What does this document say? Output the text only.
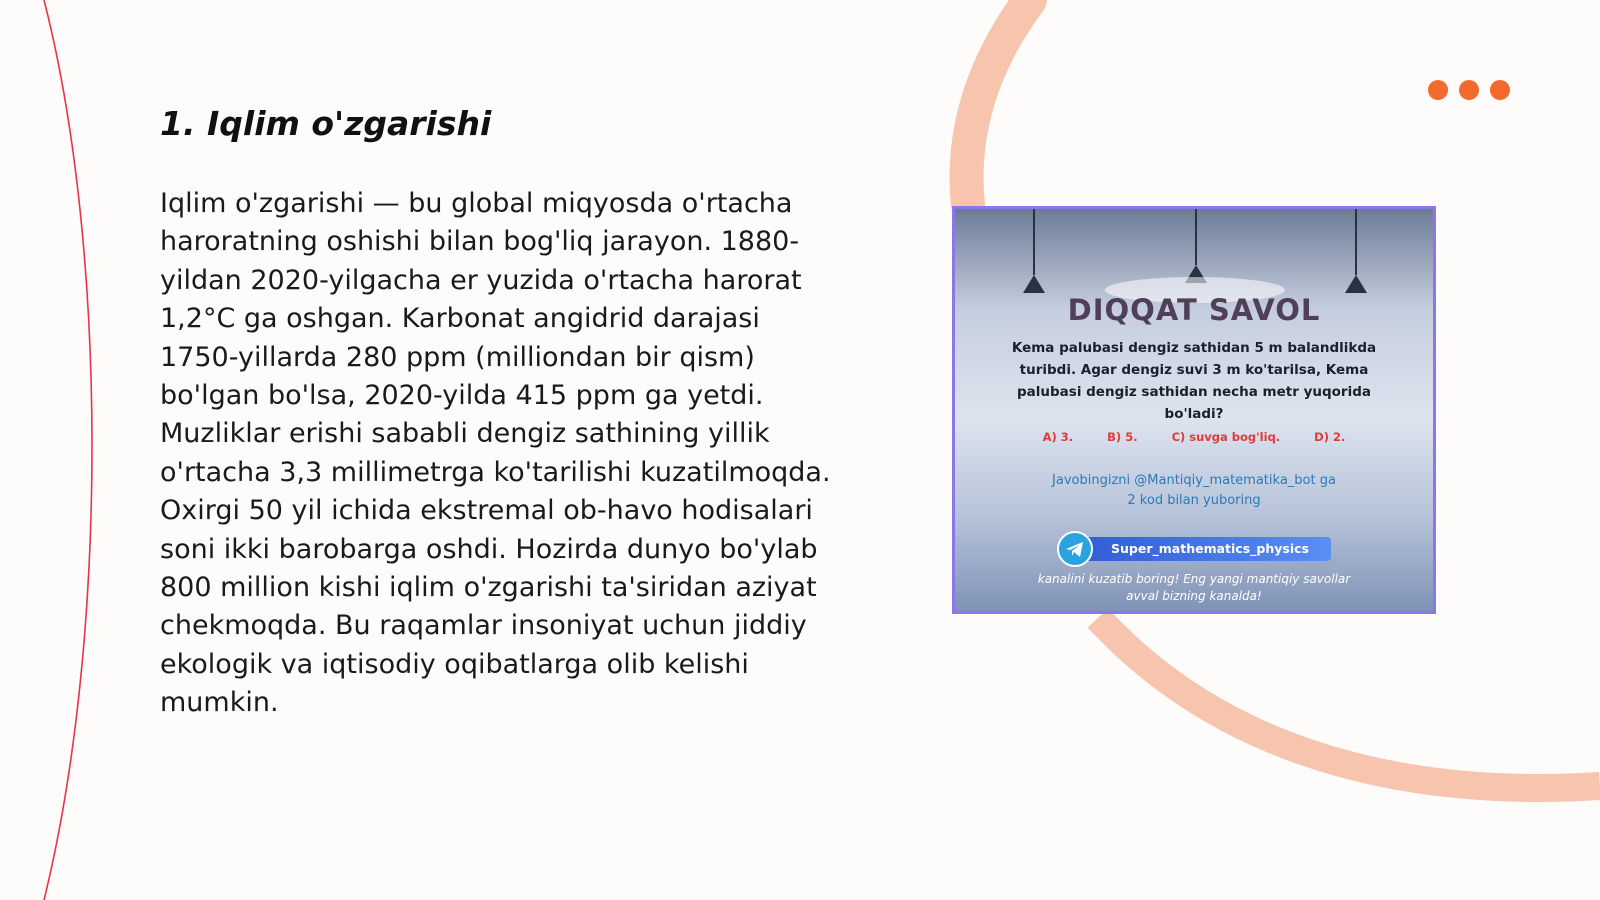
1. Iqlim o'zgarishi

Iqlim o'zgarishi — bu global miqyosda o'rtacha haroratning oshishi bilan bog'liq jarayon. 1880-yildan 2020-yilgacha er yuzida o'rtacha harorat 1,2°C ga oshgan. Karbonat angidrid darajasi 1750-yillarda 280 ppm (milliondan bir qism) bo'lgan bo'lsa, 2020-yilda 415 ppm ga yetdi. Muzliklar erishi sababli dengiz sathining yillik o'rtacha 3,3 millimetrga ko'tarilishi kuzatilmoqda. Oxirgi 50 yil ichida ekstremal ob-havo hodisalari soni ikki barobarga oshdi. Hozirda dunyo bo'ylab 800 million kishi iqlim o'zgarishi ta'siridan aziyat chekmoqda. Bu raqamlar insoniyat uchun jiddiy ekologik va iqtisodiy oqibatlarga olib kelishi mumkin.

DIQQAT SAVOL
Kema palubasi dengiz sathidan 5 m balandlikda turibdi. Agar dengiz suvi 3 m ko'tarilsa, Kema palubasi dengiz sathidan necha metr yuqorida bo'ladi?
A) 3.	B) 5.	C) suvga bog'liq.	D) 2.
Javobingizni @Mantiqiy_matematika_bot ga
2 kod bilan yuboring
Super_mathematics_physics
kanalini kuzatib boring! Eng yangi mantiqiy savollar
avval bizning kanalda!
